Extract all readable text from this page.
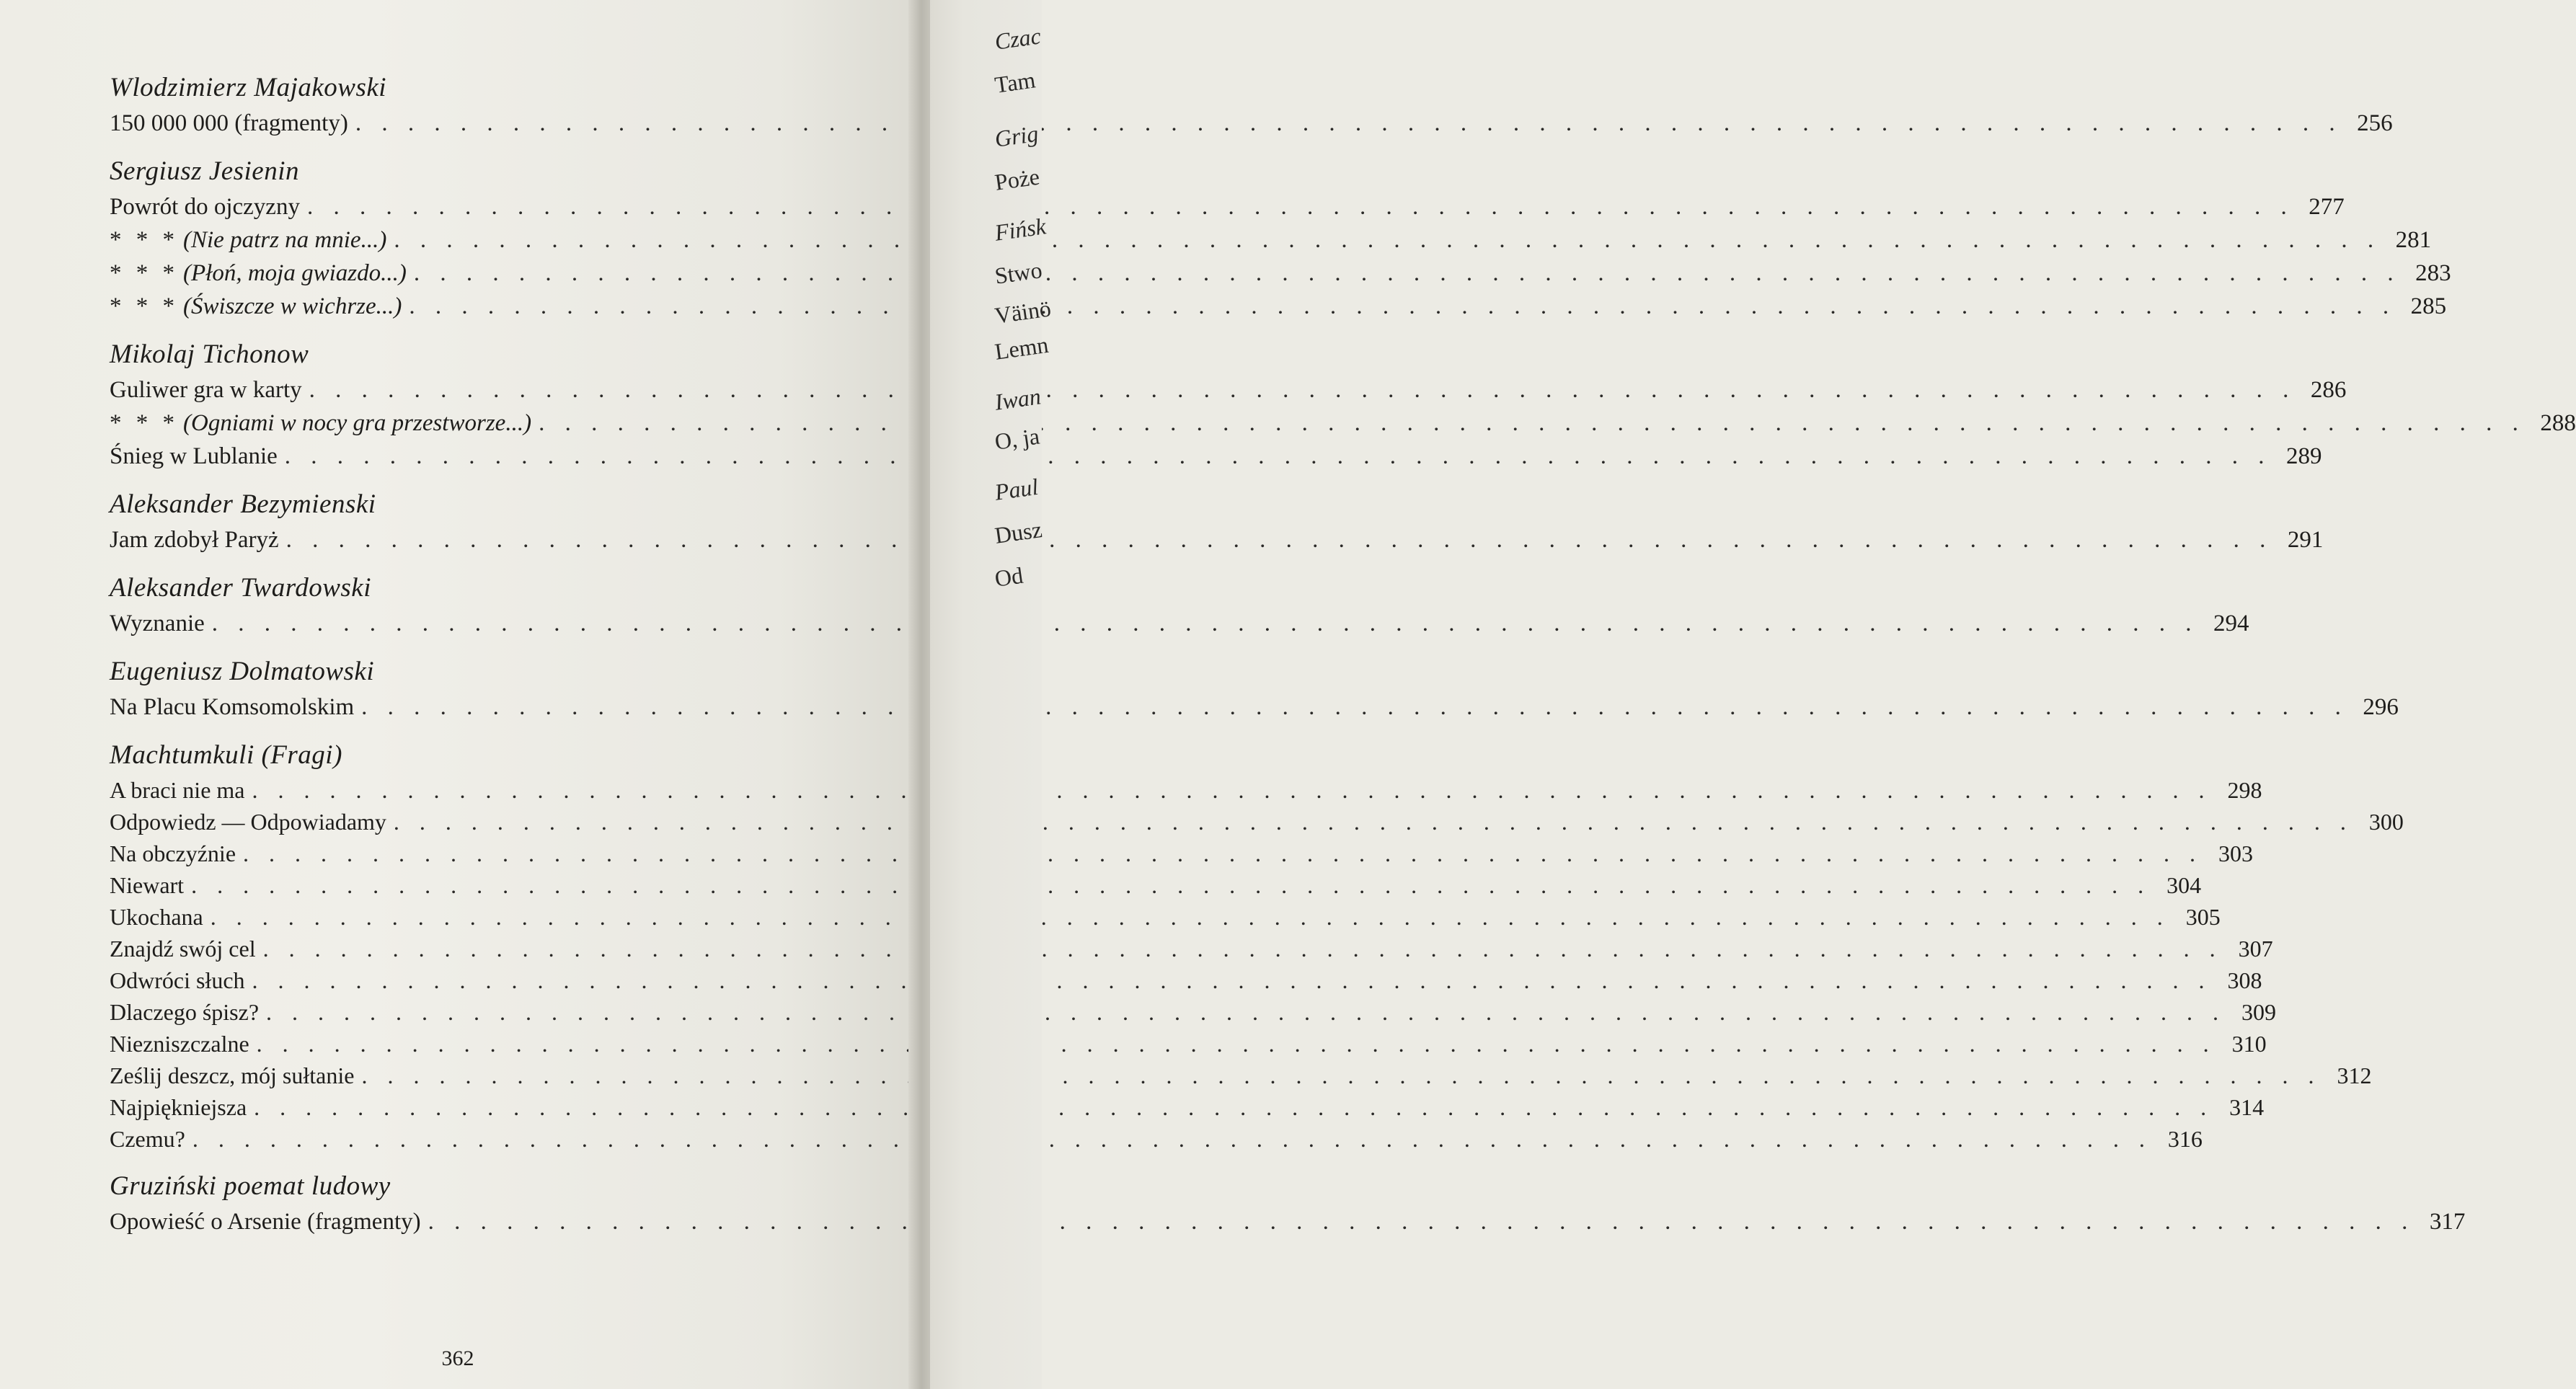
Wlodzimierz Majakowski
150 000 000 (fragmenty) . . .	256
Sergiusz Jesienin
Powrót do ojczyzny . . .	277
* * * (Nie patrz na mnie...) . . .	281
* * * (Płoń, moja gwiazdo...) . . .	283
* * * (Świszcze w wichrze...) . . .	285
Mikolaj Tichonow
Guliwer gra w karty . . .	286
* * * (Ogniami w nocy gra przestworze...) . . .	288
Śnieg w Lublanie . . .	289
Aleksander Bezymienski
Jam zdobył Paryż . . .	291
Aleksander Twardowski
Wyznanie . . .	294
Eugeniusz Dolmatowski
Na Placu Komsomolskim . . .	296
Machtumkuli (Fragi)
A braci nie ma . . .	298
Odpowiedz — Odpowiadamy . . .	300
Na obczyźnie . . .	303
Niewart . . .	304
Ukochana . . .	305
Znajdź swój cel . . .	307
Odwróci słuch . . .	308
Dlaczego śpisz? . . .	309
Niezniszczalne . . .	310
Ześlij deszcz, mój sułtanie . . .	312
Najpiękniejsza . . .	314
Czemu? . . .	316
Gruziński poemat ludowy
Opowieść o Arsenie (fragmenty) . . .	317
362
Czac
Tam
Grig
Poże
Fińsk
Stwo
Väinö
Lemn
Iwan
O, ja
Paul
Dusz
Od
